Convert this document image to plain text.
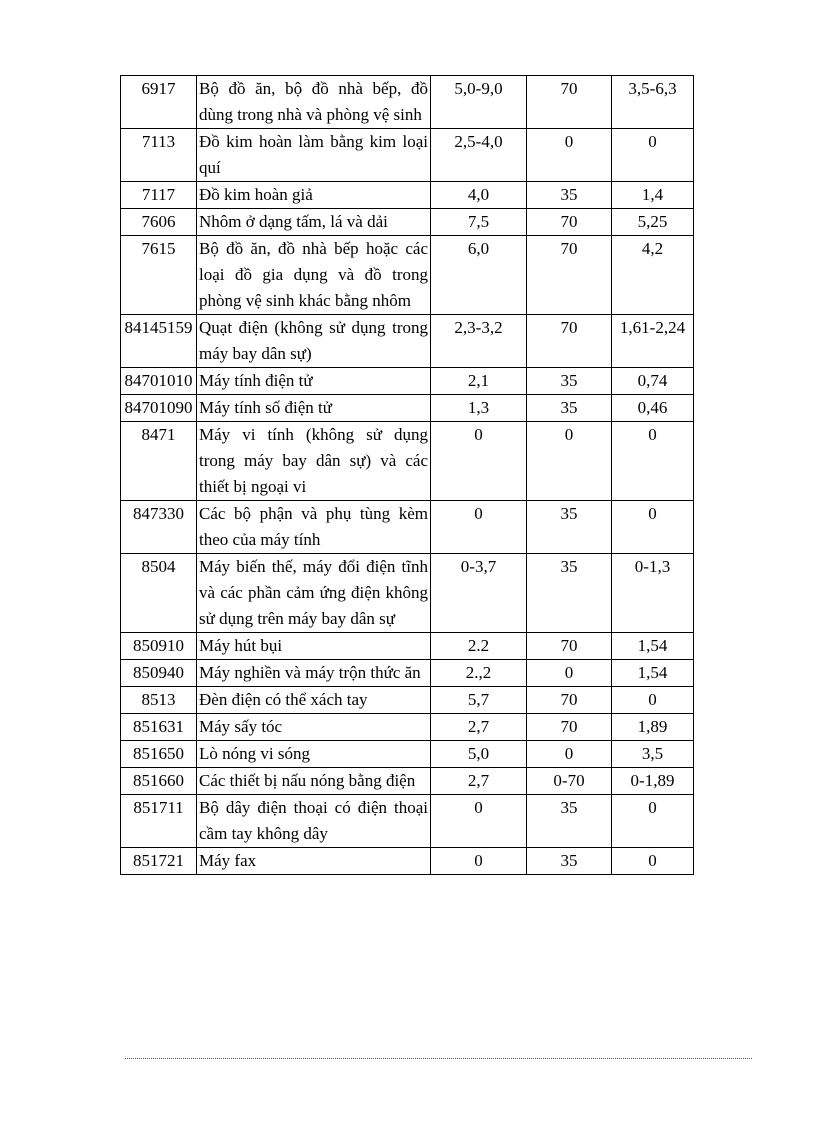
6917	Bộ đồ ăn, bộ đồ nhà bếp, đồ dùng trong nhà và phòng vệ sinh	5,0-9,0	70	3,5-6,3
7113	Đồ kim hoàn làm bằng kim loại quí	2,5-4,0	0	0
7117	Đồ kim hoàn giả	4,0	35	1,4
7606	Nhôm ở dạng tấm, lá và dải	7,5	70	5,25
7615	Bộ đồ ăn, đồ nhà bếp hoặc các loại đồ gia dụng và đồ trong phòng vệ sinh khác bằng nhôm	6,0	70	4,2
84145159	Quạt điện (không sử dụng trong máy bay dân sự)	2,3-3,2	70	1,61-2,24
84701010	Máy tính điện tử	2,1	35	0,74
84701090	Máy tính số điện tử	1,3	35	0,46
8471	Máy vi tính (không sử dụng trong máy bay dân sự) và các thiết bị ngoại vi	0	0	0
847330	Các bộ phận và phụ tùng kèm theo của máy tính	0	35	0
8504	Máy biến thế, máy đổi điện tĩnh và các phần cảm ứng điện không sử dụng trên máy bay dân sự	0-3,7	35	0-1,3
850910	Máy hút bụi	2.2	70	1,54
850940	Máy nghiền và máy trộn thức ăn	2.,2	0	1,54
8513	Đèn điện có thể xách tay	5,7	70	0
851631	Máy sấy tóc	2,7	70	1,89
851650	Lò nóng vi sóng	5,0	0	3,5
851660	Các thiết bị nấu nóng bằng điện	2,7	0-70	0-1,89
851711	Bộ dây điện thoại có điện thoại cầm tay không dây	0	35	0
851721	Máy fax	0	35	0
